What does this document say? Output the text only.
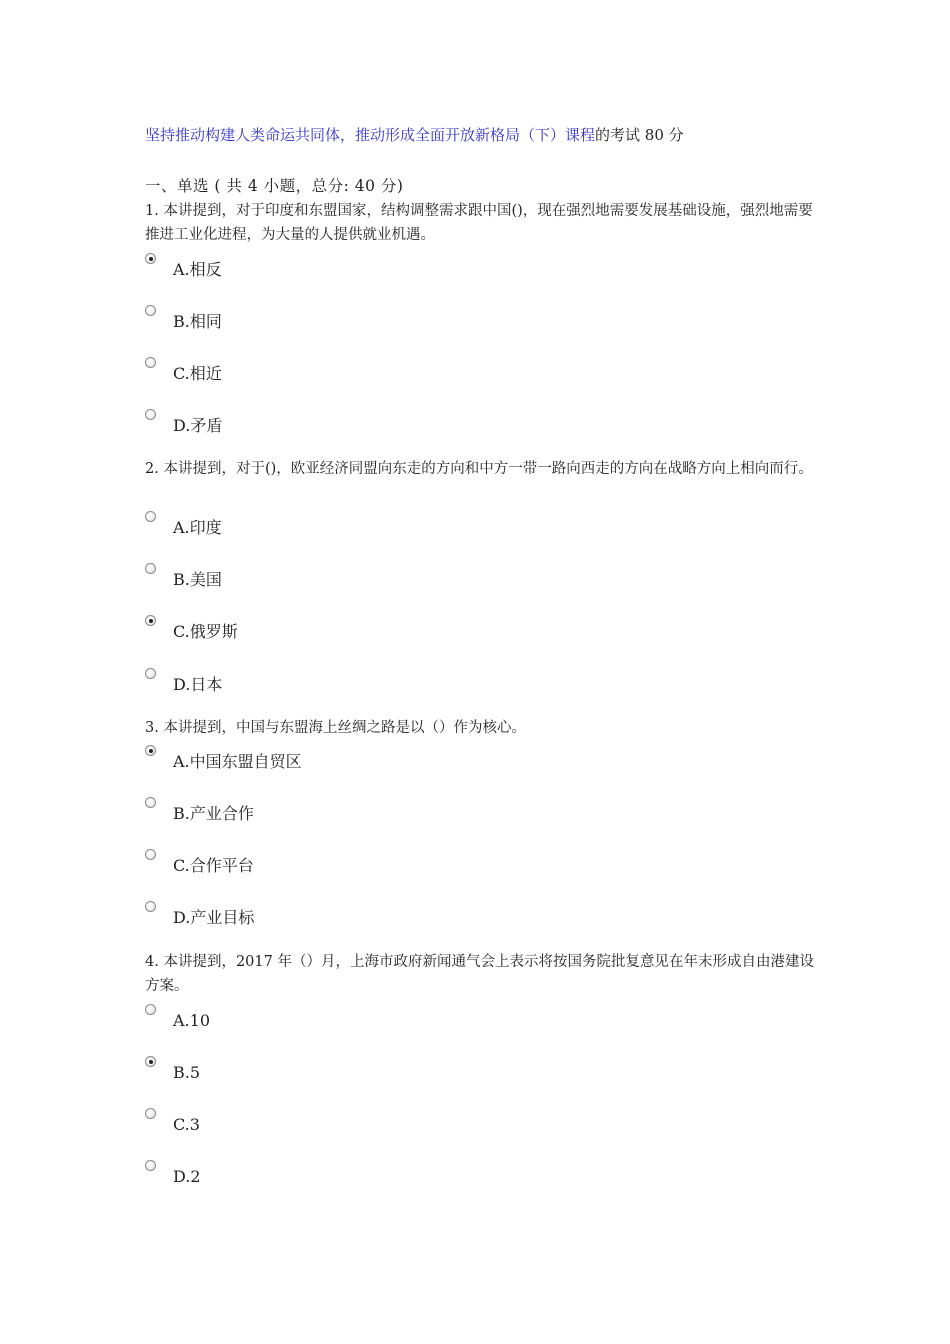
坚持推动构建人类命运共同体，推动形成全面开放新格局（下）课程的考试 80 分
一、单选 ( 共 4 小题，总分: 40 分)
1. 本讲提到，对于印度和东盟国家，结构调整需求跟中国()，现在强烈地需要发展基础设施，强烈地需要推进工业化进程，为大量的人提供就业机遇。
A.相反
B.相同
C.相近
D.矛盾
2. 本讲提到，对于()，欧亚经济同盟向东走的方向和中方一带一路向西走的方向在战略方向上相向而行。
A.印度
B.美国
C.俄罗斯
D.日本
3. 本讲提到，中国与东盟海上丝绸之路是以（）作为核心。
A.中国东盟自贸区
B.产业合作
C.合作平台
D.产业目标
4. 本讲提到，2017 年（）月，上海市政府新闻通气会上表示将按国务院批复意见在年末形成自由港建设方案。
A.10
B.5
C.3
D.2
